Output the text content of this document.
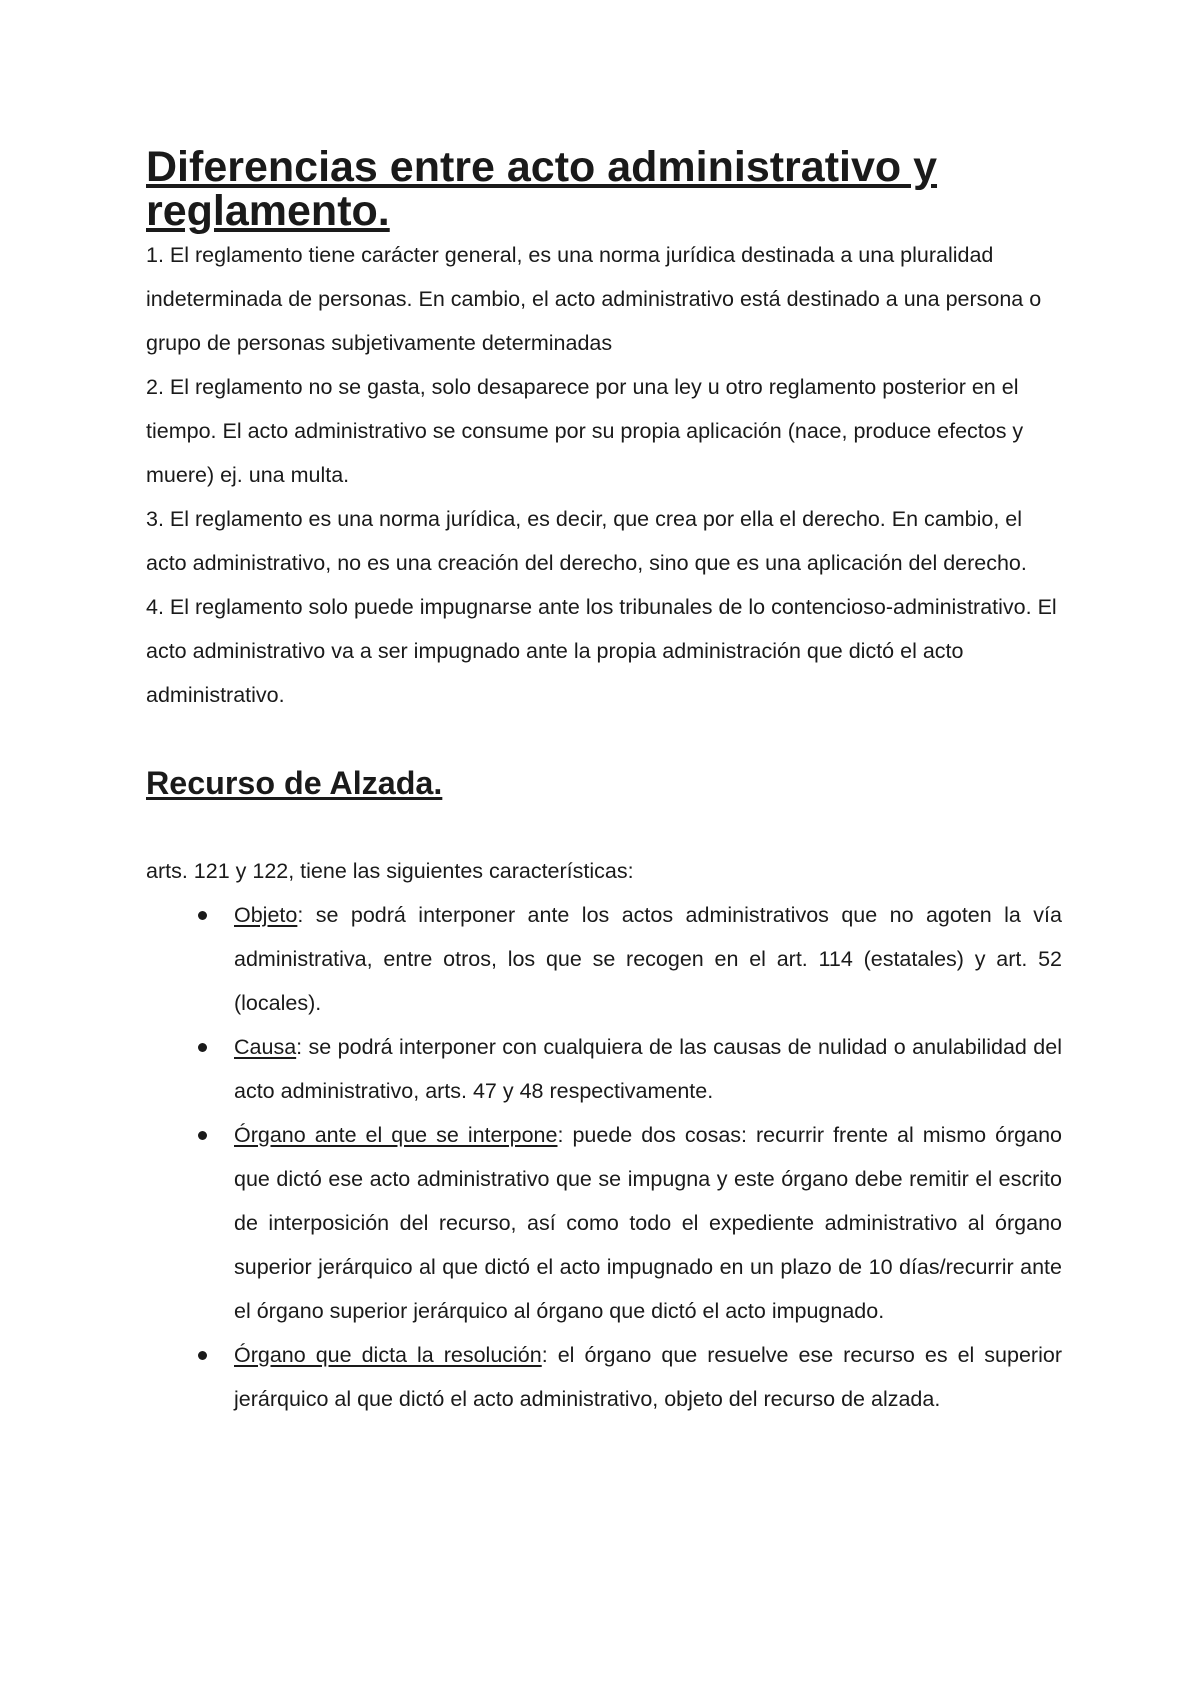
Diferencias entre acto administrativo y reglamento.

1. El reglamento tiene carácter general, es una norma jurídica destinada a una pluralidad indeterminada de personas. En cambio, el acto administrativo está destinado a una persona o grupo de personas subjetivamente determinadas

2. El reglamento no se gasta, solo desaparece por una ley u otro reglamento posterior en el tiempo. El acto administrativo se consume por su propia aplicación (nace, produce efectos y muere) ej. una multa.

3. El reglamento es una norma jurídica, es decir, que crea por ella el derecho. En cambio, el acto administrativo, no es una creación del derecho, sino que es una aplicación del derecho.

4. El reglamento solo puede impugnarse ante los tribunales de lo contencioso-administrativo. El acto administrativo va a ser impugnado ante la propia administración que dictó el acto administrativo.

Recurso de Alzada.

arts. 121 y 122, tiene las siguientes características:

Objeto: se podrá interponer ante los actos administrativos que no agoten la vía administrativa, entre otros, los que se recogen en el art. 114 (estatales) y art. 52 (locales).
Causa: se podrá interponer con cualquiera de las causas de nulidad o anulabilidad del acto administrativo, arts. 47 y 48 respectivamente.
Órgano ante el que se interpone: puede dos cosas: recurrir frente al mismo órgano que dictó ese acto administrativo que se impugna y este órgano debe remitir el escrito de interposición del recurso, así como todo el expediente administrativo al órgano superior jerárquico al que dictó el acto impugnado en un plazo de 10 días/recurrir ante el órgano superior jerárquico al órgano que dictó el acto impugnado.
Órgano que dicta la resolución: el órgano que resuelve ese recurso es el superior jerárquico al que dictó el acto administrativo, objeto del recurso de alzada.
